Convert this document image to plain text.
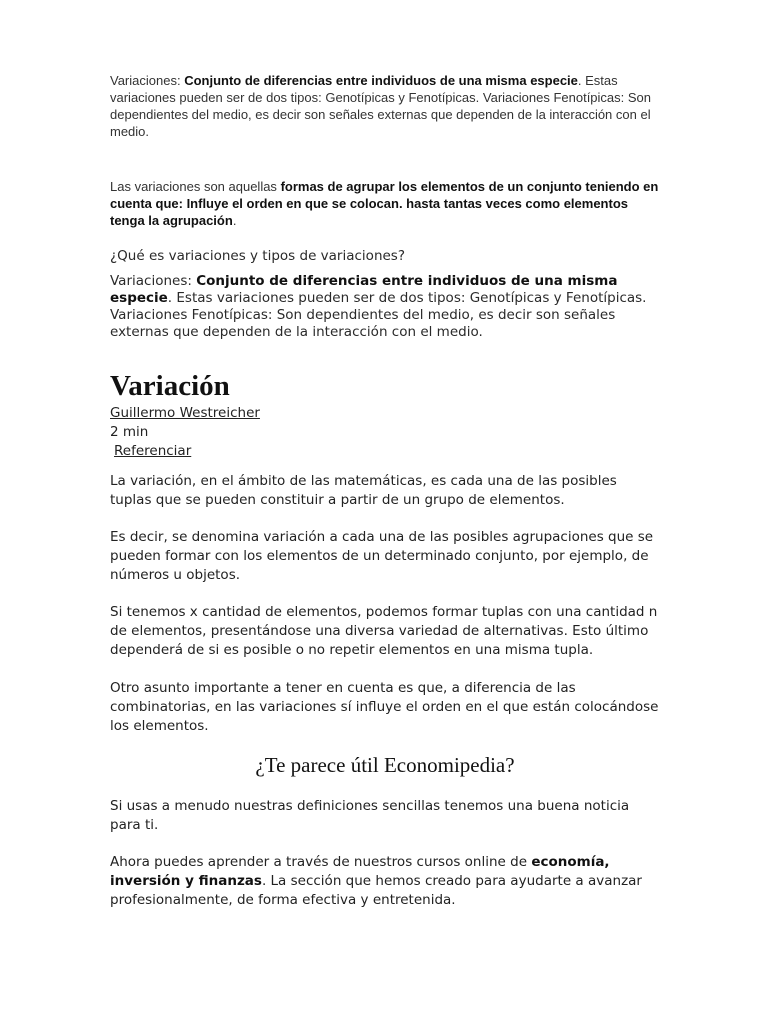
Variaciones: Conjunto de diferencias entre individuos de una misma especie. Estas variaciones pueden ser de dos tipos: Genotípicas y Fenotípicas. Variaciones Fenotípicas: Son dependientes del medio, es decir son señales externas que dependen de la interacción con el medio.

Las variaciones son aquellas formas de agrupar los elementos de un conjunto teniendo en cuenta que: Influye el orden en que se colocan. hasta tantas veces como elementos tenga la agrupación.

¿Qué es variaciones y tipos de variaciones?

Variaciones: Conjunto de diferencias entre individuos de una misma especie. Estas variaciones pueden ser de dos tipos: Genotípicas y Fenotípicas. Variaciones Fenotípicas: Son dependientes del medio, es decir son señales externas que dependen de la interacción con el medio.

Variación
Guillermo Westreicher
2 min
Referenciar

La variación, en el ámbito de las matemáticas, es cada una de las posibles tuplas que se pueden constituir a partir de un grupo de elementos.

Es decir, se denomina variación a cada una de las posibles agrupaciones que se pueden formar con los elementos de un determinado conjunto, por ejemplo, de números u objetos.

Si tenemos x cantidad de elementos, podemos formar tuplas con una cantidad n de elementos, presentándose una diversa variedad de alternativas. Esto último dependerá de si es posible o no repetir elementos en una misma tupla.

Otro asunto importante a tener en cuenta es que, a diferencia de las combinatorias, en las variaciones sí influye el orden en el que están colocándose los elementos.

¿Te parece útil Economipedia?

Si usas a menudo nuestras definiciones sencillas tenemos una buena noticia para ti.

Ahora puedes aprender a través de nuestros cursos online de economía, inversión y finanzas. La sección que hemos creado para ayudarte a avanzar profesionalmente, de forma efectiva y entretenida.
